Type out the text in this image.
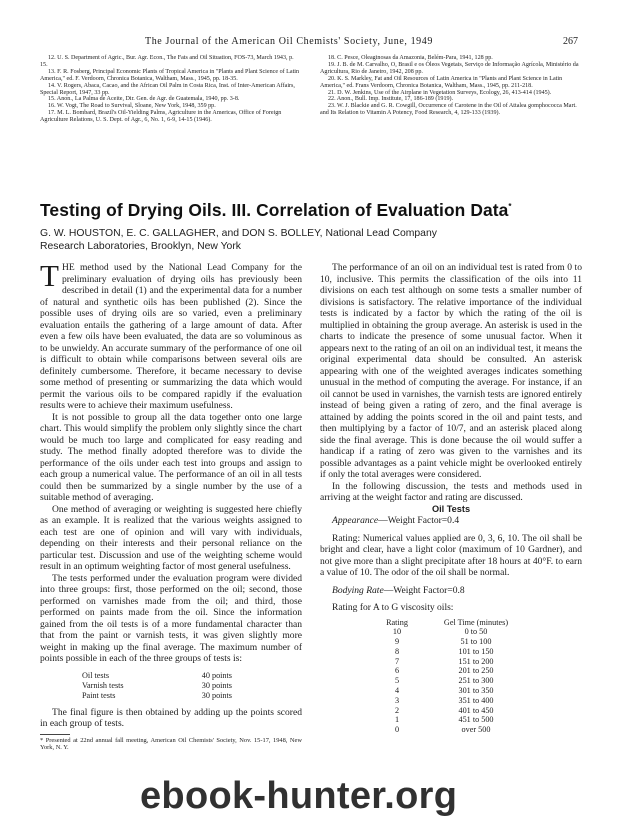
The Journal of the American Oil Chemists' Society, June, 1949	267

12. U. S. Department of Agric., Bur. Agr. Econ., The Fats and Oil Situation, FOS-73, March 1943, p. 15.

13. F. R. Fosberg, Principal Economic Plants of Tropical America in "Plants and Plant Science of Latin America," ed. F. Verdoorn, Chronica Botanica, Waltham, Mass., 1945, pp. 18-35.

14. V. Rogers, Abaca, Cacao, and the African Oil Palm in Costa Rica, Inst. of Inter-American Affairs, Special Report, 1947, 33 pp.

15. Anon., La Palma de Aceite, Dir. Gen. de Agr. de Guatemala, 1940, pp. 3-8.

16. W. Vogt, The Road to Survival, Sloane, New York, 1948, 359 pp.

17. M. L. Bombard, Brazil's Oil-Yielding Palms, Agriculture in the Americas, Office of Foreign Agriculture Relations, U. S. Dept. of Agr., 6, No. 1, 6-9, 14-15 (1946).

18. C. Pesce, Oleaginosas da Amazonia, Belém-Para, 1941, 128 pp.

19. J. B. de M. Carvalho, O, Brasil e os Óleos Vegetais, Serviço de Informação Agrícola, Ministério da Agricultura, Rio de Janeiro, 1942, 208 pp.

20. K. S. Markley, Fat and Oil Resources of Latin America in "Plants and Plant Science in Latin America," ed. Frans Verdoorn, Chronica Botanica, Waltham, Mass., 1945, pp. 211-218.

21. D. W. Jenkins, Use of the Airplane in Vegetation Surveys, Ecology, 26, 413-414 (1945).

22. Anon., Bull. Imp. Institute, 17, 186-189 (1919).

23. W. J. Blackie and G. R. Cowgill, Occurrence of Carotene in the Oil of Attalea gomphococca Mart. and Its Relation to Vitamin A Potency, Food Research, 4, 129-133 (1939).

Testing of Drying Oils. III. Correlation of Evaluation Data*
G. W. HOUSTON, E. C. GALLAGHER, and DON S. BOLLEY, National Lead Company
Research Laboratories, Brooklyn, New York

THE method used by the National Lead Company for the preliminary evaluation of drying oils has previously been described in detail (1) and the experimental data for a number of natural and synthetic oils has been published (2). Since the possible uses of drying oils are so varied, even a preliminary evaluation entails the gathering of a large amount of data. After even a few oils have been evaluated, the data are so voluminous as to be unwieldy. An accurate summary of the performance of one oil is difficult to obtain while comparisons between several oils are definitely cumbersome. Therefore, it became necessary to devise some method of presenting or summarizing the data which would permit the various oils to be compared rapidly if the evaluation results were to achieve their maximum usefulness.

It is not possible to group all the data together onto one large chart. This would simplify the problem only slightly since the chart would be much too large and complicated for easy reading and study. The method finally adopted therefore was to divide the performance of the oils under each test into groups and assign to each group a numerical value. The performance of an oil in all tests could then be summarized by a single number by the use of a suitable method of averaging.

One method of averaging or weighting is suggested here chiefly as an example. It is realized that the various weights assigned to each test are one of opinion and will vary with individuals, depending on their interests and their personal reliance on the particular test. Discussion and use of the weighting scheme would result in an optimum weighting factor of most general usefulness.

The tests performed under the evaluation program were divided into three groups: first, those performed on the oil; second, those performed on varnishes made from the oil; and third, those performed on paints made from the oil. Since the information gained from the oil tests is of a more fundamental character than that from the paint or varnish tests, it was given slightly more weight in making up the final average. The maximum number of points possible in each of the three groups of tests is:

Oil tests	40 points
Varnish tests	30 points
Paint tests	30 points

The final figure is then obtained by adding up the points scored in each group of tests.

* Presented at 22nd annual fall meeting, American Oil Chemists' Society, Nov. 15-17, 1948, New York, N. Y.

The performance of an oil on an individual test is rated from 0 to 10, inclusive. This permits the classification of the oils into 11 divisions on each test although on some tests a smaller number of divisions is satisfactory. The relative importance of the individual tests is indicated by a factor by which the rating of the oil is multiplied in obtaining the group average. An asterisk is used in the charts to indicate the presence of some unusual factor. When it appears next to the rating of an oil on an individual test, it means the original experimental data should be consulted. An asterisk appearing with one of the weighted averages indicates something unusual in the method of computing the average. For instance, if an oil cannot be used in varnishes, the varnish tests are ignored entirely instead of being given a rating of zero, and the final average is attained by adding the points scored in the oil and paint tests, and then multiplying by a factor of 10/7, and an asterisk placed along side the final average. This is done because the oil would suffer a handicap if a rating of zero was given to the varnishes and its possible advantages as a paint vehicle might be overlooked entirely if only the total averages were considered.

In the following discussion, the tests and methods used in arriving at the weight factor and rating are discussed.

Oil Tests

Appearance—Weight Factor=0.4

Rating: Numerical values applied are 0, 3, 6, 10. The oil shall be bright and clear, have a light color (maximum of 10 Gardner), and not give more than a slight precipitate after 18 hours at 40°F. to earn a value of 10. The odor of the oil shall be normal.

Bodying Rate—Weight Factor=0.8

Rating for A to G viscosity oils:

Rating	Gel Time (minutes)
10	0 to 50
9	51 to 100
8	101 to 150
7	151 to 200
6	201 to 250
5	251 to 300
4	301 to 350
3	351 to 400
2	401 to 450
1	451 to 500
0	over 500
ebook-hunter.org
